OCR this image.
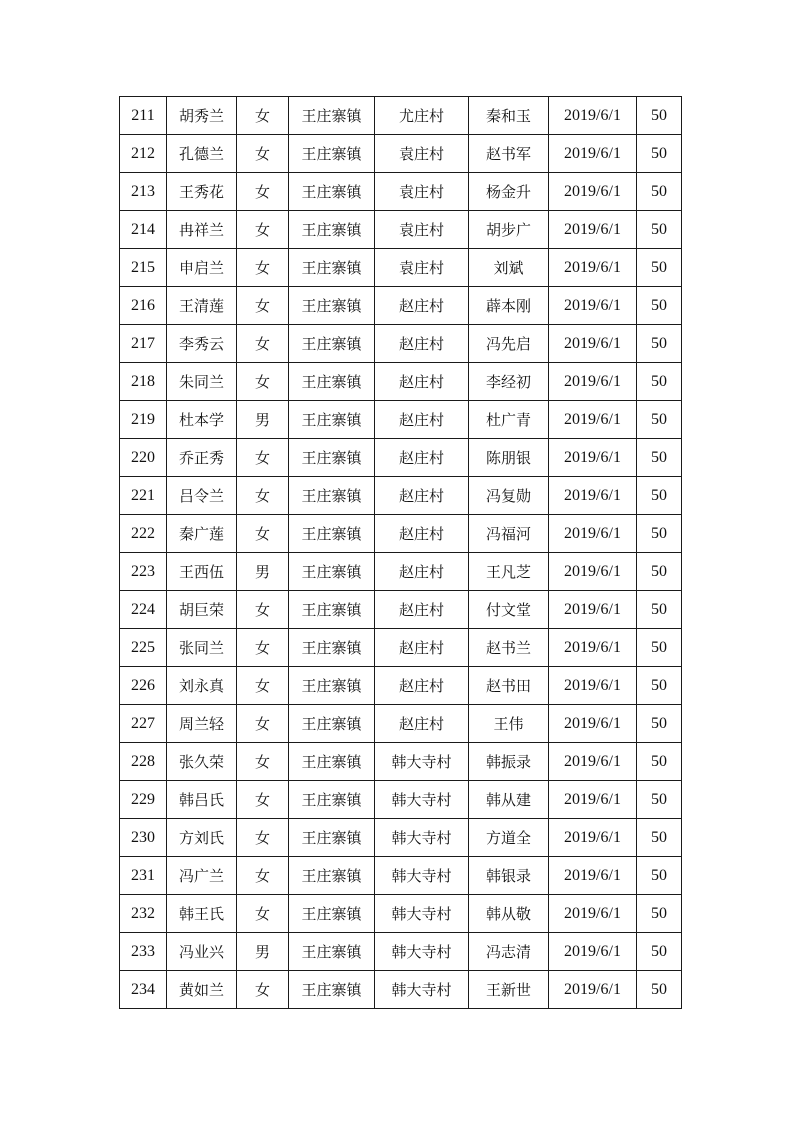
211	胡秀兰	女	王庄寨镇	尤庄村	秦和玉	2019/6/1	50
212	孔德兰	女	王庄寨镇	袁庄村	赵书军	2019/6/1	50
213	王秀花	女	王庄寨镇	袁庄村	杨金升	2019/6/1	50
214	冉祥兰	女	王庄寨镇	袁庄村	胡步广	2019/6/1	50
215	申启兰	女	王庄寨镇	袁庄村	刘斌	2019/6/1	50
216	王清莲	女	王庄寨镇	赵庄村	薜本刚	2019/6/1	50
217	李秀云	女	王庄寨镇	赵庄村	冯先启	2019/6/1	50
218	朱同兰	女	王庄寨镇	赵庄村	李经初	2019/6/1	50
219	杜本学	男	王庄寨镇	赵庄村	杜广青	2019/6/1	50
220	乔正秀	女	王庄寨镇	赵庄村	陈朋银	2019/6/1	50
221	吕令兰	女	王庄寨镇	赵庄村	冯复勋	2019/6/1	50
222	秦广莲	女	王庄寨镇	赵庄村	冯福河	2019/6/1	50
223	王西伍	男	王庄寨镇	赵庄村	王凡芝	2019/6/1	50
224	胡巨荣	女	王庄寨镇	赵庄村	付文堂	2019/6/1	50
225	张同兰	女	王庄寨镇	赵庄村	赵书兰	2019/6/1	50
226	刘永真	女	王庄寨镇	赵庄村	赵书田	2019/6/1	50
227	周兰轻	女	王庄寨镇	赵庄村	王伟	2019/6/1	50
228	张久荣	女	王庄寨镇	韩大寺村	韩振录	2019/6/1	50
229	韩吕氏	女	王庄寨镇	韩大寺村	韩从建	2019/6/1	50
230	方刘氏	女	王庄寨镇	韩大寺村	方道全	2019/6/1	50
231	冯广兰	女	王庄寨镇	韩大寺村	韩银录	2019/6/1	50
232	韩王氏	女	王庄寨镇	韩大寺村	韩从敬	2019/6/1	50
233	冯业兴	男	王庄寨镇	韩大寺村	冯志清	2019/6/1	50
234	黄如兰	女	王庄寨镇	韩大寺村	王新世	2019/6/1	50
